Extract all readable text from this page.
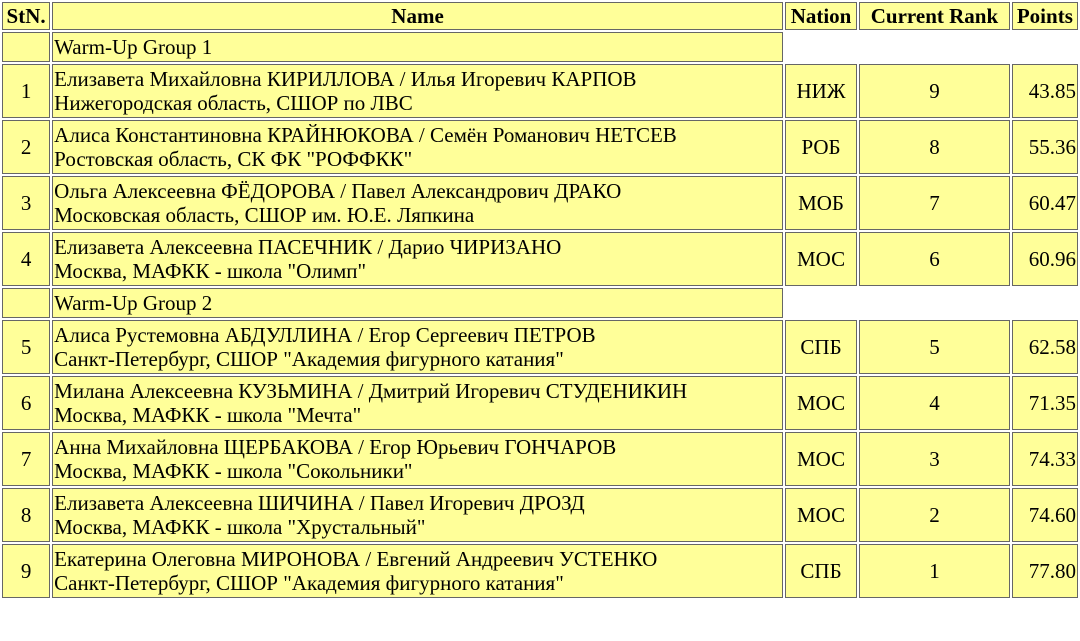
StN.	Name	Nation	Current Rank	Points
	Warm-Up Group 1			
1	Елизавета Михайловна КИРИЛЛОВА / Илья Игоревич КАРПОВ
Нижегородская область, СШОР по ЛВС	НИЖ	9	43.85
2	Алиса Константиновна КРАЙНЮКОВА / Семён Романович НЕТСЕВ
Ростовская область, СК ФК "РОФФКК"	РОБ	8	55.36
3	Ольга Алексеевна ФЁДОРОВА / Павел Александрович ДРАКО
Московская область, СШОР им. Ю.Е. Ляпкина	МОБ	7	60.47
4	Елизавета Алексеевна ПАСЕЧНИК / Дарио ЧИРИЗАНО
Москва, МАФКК - школа "Олимп"	МОС	6	60.96
	Warm-Up Group 2			
5	Алиса Рустемовна АБДУЛЛИНА / Егор Сергеевич ПЕТРОВ
Санкт-Петербург, СШОР "Академия фигурного катания"	СПБ	5	62.58
6	Милана Алексеевна КУЗЬМИНА / Дмитрий Игоревич СТУДЕНИКИН
Москва, МАФКК - школа "Мечта"	МОС	4	71.35
7	Анна Михайловна ЩЕРБАКОВА / Егор Юрьевич ГОНЧАРОВ
Москва, МАФКК - школа "Сокольники"	МОС	3	74.33
8	Елизавета Алексеевна ШИЧИНА / Павел Игоревич ДРОЗД
Москва, МАФКК - школа "Хрустальный"	МОС	2	74.60
9	Екатерина Олеговна МИРОНОВА / Евгений Андреевич УСТЕНКО
Санкт-Петербург, СШОР "Академия фигурного катания"	СПБ	1	77.80
